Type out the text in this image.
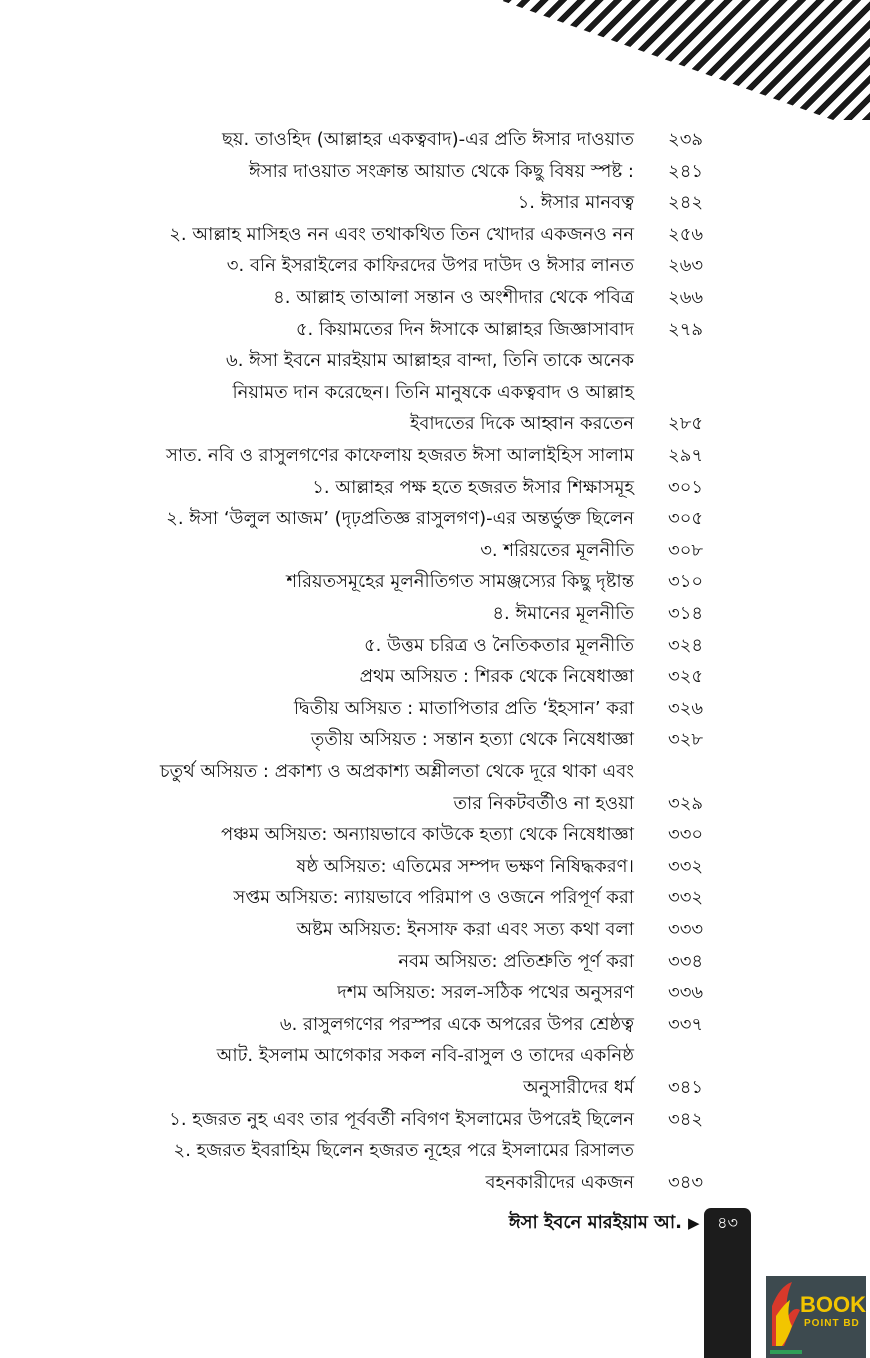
ছয়. তাওহিদ (আল্লাহর একত্ববাদ)-এর প্রতি ঈসার দাওয়াত ২৩৯
ঈসার দাওয়াত সংক্রান্ত আয়াত থেকে কিছু বিষয় স্পষ্ট : ২৪১
১. ঈসার মানবত্ব ২৪২
২. আল্লাহ মাসিহও নন এবং তথাকথিত তিন খোদার একজনও নন ২৫৬
৩. বনি ইসরাইলের কাফিরদের উপর দাউদ ও ঈসার লানত ২৬৩
৪. আল্লাহ তাআলা সন্তান ও অংশীদার থেকে পবিত্র ২৬৬
৫. কিয়ামতের দিন ঈসাকে আল্লাহর জিজ্ঞাসাবাদ ২৭৯
৬. ঈসা ইবনে মারইয়াম আল্লাহর বান্দা, তিনি তাকে অনেক
নিয়ামত দান করেছেন। তিনি মানুষকে একত্ববাদ ও আল্লাহ
ইবাদতের দিকে আহ্বান করতেন ২৮৫
সাত. নবি ও রাসুলগণের কাফেলায় হজরত ঈসা আলাইহিস সালাম ২৯৭
১. আল্লাহর পক্ষ হতে হজরত ঈসার শিক্ষাসমূহ ৩০১
২. ঈসা ‘উলুল আজম’ (দৃঢ়প্রতিজ্ঞ রাসুলগণ)-এর অন্তর্ভুক্ত ছিলেন ৩০৫
৩. শরিয়তের মূলনীতি ৩০৮
শরিয়তসমূহের মূলনীতিগত সামঞ্জস্যের কিছু দৃষ্টান্ত ৩১০
৪. ঈমানের মূলনীতি ৩১৪
৫. উত্তম চরিত্র ও নৈতিকতার মূলনীতি ৩২৪
প্রথম অসিয়ত : শিরক থেকে নিষেধাজ্ঞা ৩২৫
দ্বিতীয় অসিয়ত : মাতাপিতার প্রতি ‘ইহসান’ করা ৩২৬
তৃতীয় অসিয়ত : সন্তান হত্যা থেকে নিষেধাজ্ঞা ৩২৮
চতুর্থ অসিয়ত : প্রকাশ্য ও অপ্রকাশ্য অশ্লীলতা থেকে দূরে থাকা এবং
তার নিকটবর্তীও না হওয়া ৩২৯
পঞ্চম অসিয়ত: অন্যায়ভাবে কাউকে হত্যা থেকে নিষেধাজ্ঞা ৩৩০
ষষ্ঠ অসিয়ত: এতিমের সম্পদ ভক্ষণ নিষিদ্ধকরণ। ৩৩২
সপ্তম অসিয়ত: ন্যায়ভাবে পরিমাপ ও ওজনে পরিপূর্ণ করা ৩৩২
অষ্টম অসিয়ত: ইনসাফ করা এবং সত্য কথা বলা ৩৩৩
নবম অসিয়ত: প্রতিশ্রুতি পূর্ণ করা ৩৩৪
দশম অসিয়ত: সরল-সঠিক পথের অনুসরণ ৩৩৬
৬. রাসুলগণের পরস্পর একে অপরের উপর শ্রেষ্ঠত্ব ৩৩৭
আট. ইসলাম আগেকার সকল নবি-রাসুল ও তাদের একনিষ্ঠ
অনুসারীদের ধর্ম ৩৪১
১. হজরত নুহ এবং তার পূর্ববর্তী নবিগণ ইসলামের উপরেই ছিলেন ৩৪২
২. হজরত ইবরাহিম ছিলেন হজরত নূহের পরে ইসলামের রিসালত
বহনকারীদের একজন ৩৪৩
ঈসা ইবনে মারইয়াম আ. ▶	৪৩
BOOK
POINT BD
